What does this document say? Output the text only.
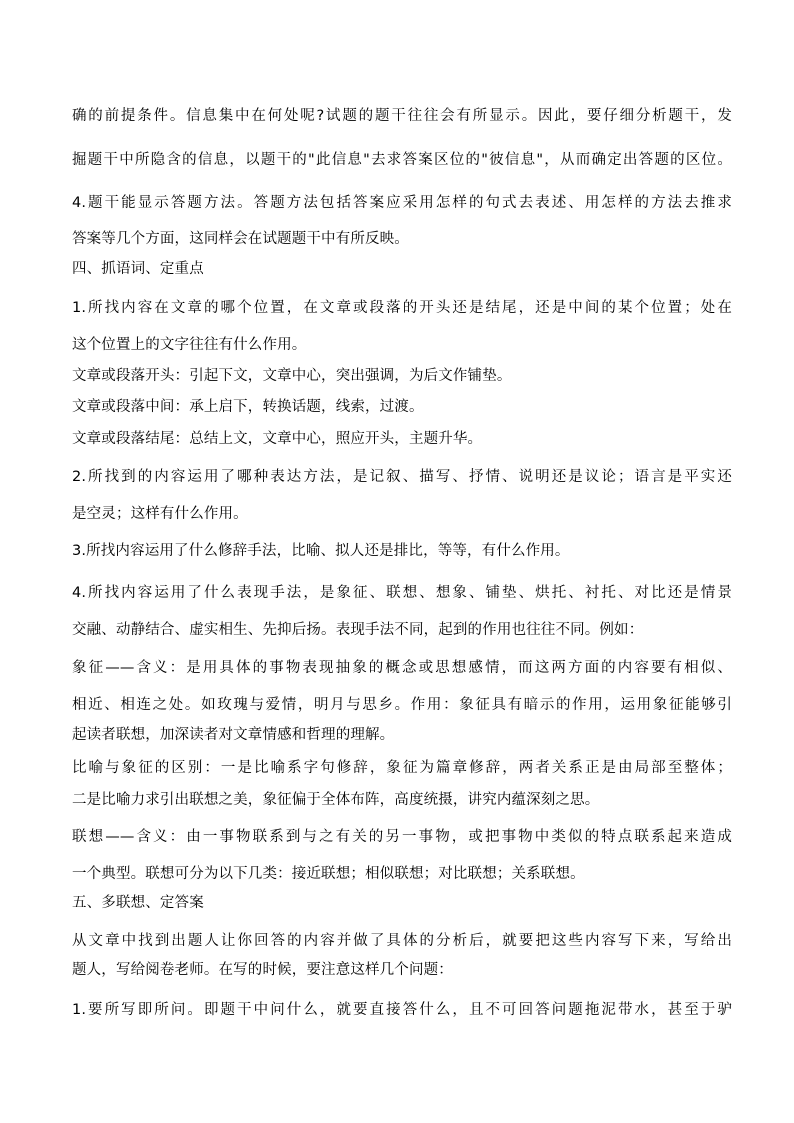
确的前提条件。信息集中在何处呢?试题的题干往往会有所显示。因此，要仔细分析题干，发
掘题干中所隐含的信息，以题干的"此信息"去求答案区位的"彼信息"，从而确定出答题的区位。
4.题干能显示答题方法。答题方法包括答案应采用怎样的句式去表述、用怎样的方法去推求
答案等几个方面，这同样会在试题题干中有所反映。
四、抓语词、定重点
1.所找内容在文章的哪个位置，在文章或段落的开头还是结尾，还是中间的某个位置；处在
这个位置上的文字往往有什么作用。
文章或段落开头：引起下文，文章中心，突出强调，为后文作铺垫。
文章或段落中间：承上启下，转换话题，线索，过渡。
文章或段落结尾：总结上文，文章中心，照应开头，主题升华。
2.所找到的内容运用了哪种表达方法，是记叙、描写、抒情、说明还是议论；语言是平实还
是空灵；这样有什么作用。
3.所找内容运用了什么修辞手法，比喻、拟人还是排比，等等，有什么作用。
4.所找内容运用了什么表现手法，是象征、联想、想象、铺垫、烘托、衬托、对比还是情景
交融、动静结合、虚实相生、先抑后扬。表现手法不同，起到的作用也往往不同。例如：
象征——含义：是用具体的事物表现抽象的概念或思想感情，而这两方面的内容要有相似、
相近、相连之处。如玫瑰与爱情，明月与思乡。作用：象征具有暗示的作用，运用象征能够引
起读者联想，加深读者对文章情感和哲理的理解。
比喻与象征的区别：一是比喻系字句修辞，象征为篇章修辞，两者关系正是由局部至整体；
二是比喻力求引出联想之美，象征偏于全体布阵，高度统摄，讲究内蕴深刻之思。
联想——含义：由一事物联系到与之有关的另一事物，或把事物中类似的特点联系起来造成
一个典型。联想可分为以下几类：接近联想；相似联想；对比联想；关系联想。
五、多联想、定答案
从文章中找到出题人让你回答的内容并做了具体的分析后，就要把这些内容写下来，写给出
题人，写给阅卷老师。在写的时候，要注意这样几个问题：
1.要所写即所问。即题干中问什么，就要直接答什么，且不可回答问题拖泥带水，甚至于驴
